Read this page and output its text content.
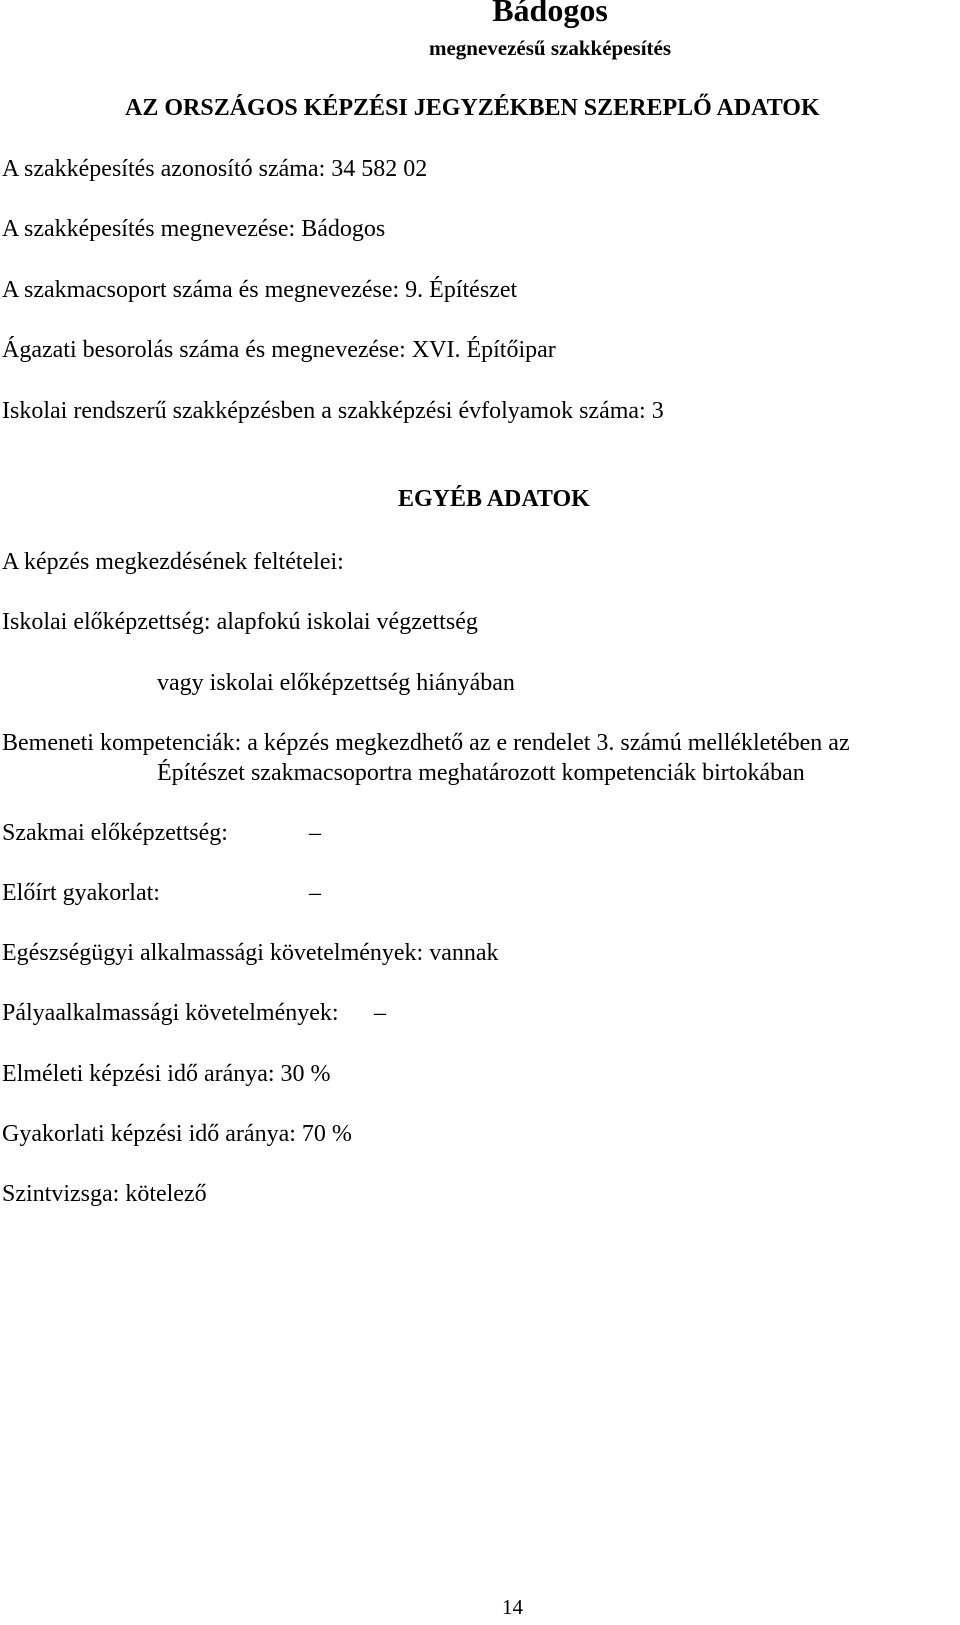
Bádogos
megnevezésű szakképesítés
AZ ORSZÁGOS KÉPZÉSI JEGYZÉKBEN SZEREPLŐ ADATOK
A szakképesítés azonosító száma: 34 582 02
A szakképesítés megnevezése: Bádogos
A szakmacsoport száma és megnevezése: 9. Építészet
Ágazati besorolás száma és megnevezése: XVI. Építőipar
Iskolai rendszerű szakképzésben a szakképzési évfolyamok száma: 3
EGYÉB ADATOK
A képzés megkezdésének feltételei:
Iskolai előképzettség: alapfokú iskolai végzettség
vagy iskolai előképzettség hiányában
Bemeneti kompetenciák: a képzés megkezdhető az e rendelet 3. számú mellékletében az
Építészet szakmacsoportra meghatározott kompetenciák birtokában
Szakmai előképzettség:	–
Előírt gyakorlat:	–
Egészségügyi alkalmassági követelmények: vannak
Pályaalkalmassági követelmények: –
Elméleti képzési idő aránya: 30 %
Gyakorlati képzési idő aránya: 70 %
Szintvizsga: kötelező
14
